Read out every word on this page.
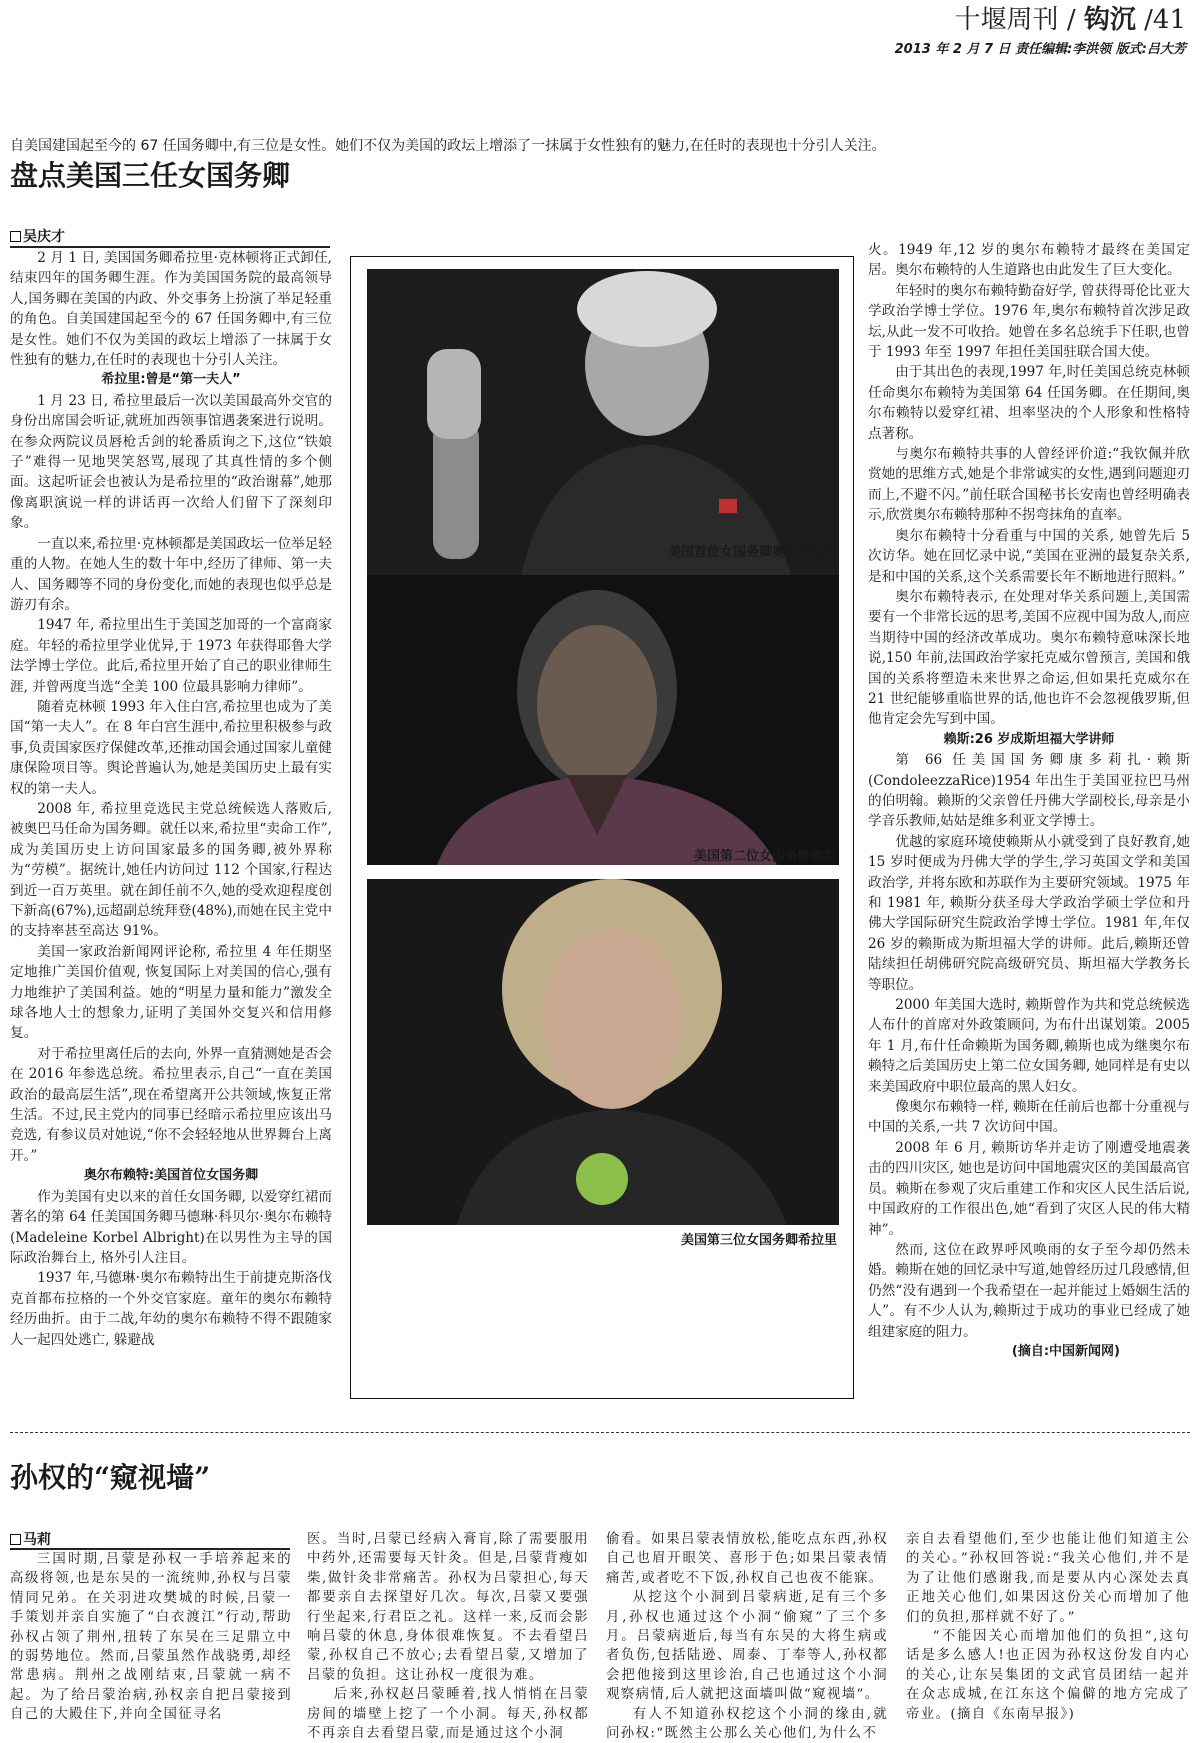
十堰周刊 / 钩沉 /41
2013 年 2 月 7 日 责任编辑:李洪领 版式:吕大芳
自美国建国起至今的 67 任国务卿中,有三位是女性。她们不仅为美国的政坛上增添了一抹属于女性独有的魅力,在任时的表现也十分引人关注。
盘点美国三任女国务卿
吴庆才

2 月 1 日, 美国国务卿希拉里·克林顿将正式卸任,结束四年的国务卿生涯。作为美国国务院的最高领导人,国务卿在美国的内政、外交事务上扮演了举足轻重的角色。自美国建国起至今的 67 任国务卿中,有三位是女性。她们不仅为美国的政坛上增添了一抹属于女性独有的魅力,在任时的表现也十分引人关注。

希拉里:曾是“第一夫人”

1 月 23 日, 希拉里最后一次以美国最高外交官的身份出席国会听证,就班加西领事馆遇袭案进行说明。在参众两院议员唇枪舌剑的轮番质询之下,这位“铁娘子”难得一见地哭笑怒骂,展现了其真性情的多个侧面。这起听证会也被认为是希拉里的“政治谢幕”,她那像离职演说一样的讲话再一次给人们留下了深刻印象。

一直以来,希拉里·克林顿都是美国政坛一位举足轻重的人物。在她人生的数十年中,经历了律师、第一夫人、国务卿等不同的身份变化,而她的表现也似乎总是游刃有余。

1947 年, 希拉里出生于美国芝加哥的一个富商家庭。年轻的希拉里学业优异,于 1973 年获得耶鲁大学法学博士学位。此后,希拉里开始了自己的职业律师生涯, 并曾两度当选“全美 100 位最具影响力律师”。

随着克林顿 1993 年入住白宫,希拉里也成为了美国“第一夫人”。在 8 年白宫生涯中,希拉里积极参与政事,负责国家医疗保健改革,还推动国会通过国家儿童健康保险项目等。舆论普遍认为,她是美国历史上最有实权的第一夫人。

2008 年, 希拉里竞选民主党总统候选人落败后,被奥巴马任命为国务卿。就任以来,希拉里“卖命工作”,成为美国历史上访问国家最多的国务卿,被外界称为“劳模”。据统计,她任内访问过 112 个国家,行程达到近一百万英里。就在卸任前不久,她的受欢迎程度创下新高(67%),远超副总统拜登(48%),而她在民主党中的支持率甚至高达 91%。

美国一家政治新闻网评论称, 希拉里 4 年任期坚定地推广美国价值观, 恢复国际上对美国的信心,强有力地维护了美国利益。她的“明星力量和能力”激发全球各地人士的想象力,证明了美国外交复兴和信用修复。

对于希拉里离任后的去向, 外界一直猜测她是否会在 2016 年参选总统。希拉里表示,自己“一直在美国政治的最高层生活”,现在希望离开公共领域,恢复正常生活。不过,民主党内的同事已经暗示希拉里应该出马竞选, 有参议员对她说,“你不会轻轻地从世界舞台上离开。”

奥尔布赖特:美国首位女国务卿

作为美国有史以来的首任女国务卿, 以爱穿红裙而著名的第 64 任美国国务卿马德琳·科贝尔·奥尔布赖特 (Madeleine Korbel Albright)在以男性为主导的国际政治舞台上, 格外引人注目。

1937 年,马德琳·奥尔布赖特出生于前捷克斯洛伐克首都布拉格的一个外交官家庭。童年的奥尔布赖特经历曲折。由于二战,年幼的奥尔布赖特不得不跟随家人一起四处逃亡, 躲避战

美国首位女国务卿奥尔布赖特
美国第二位女国务卿赖斯
美国第三位女国务卿希拉里

火。1949 年,12 岁的奥尔布赖特才最终在美国定居。奥尔布赖特的人生道路也由此发生了巨大变化。

年轻时的奥尔布赖特勤奋好学, 曾获得哥伦比亚大学政治学博士学位。1976 年,奥尔布赖特首次涉足政坛,从此一发不可收拾。她曾在多名总统手下任职,也曾于 1993 年至 1997 年担任美国驻联合国大使。

由于其出色的表现,1997 年,时任美国总统克林顿任命奥尔布赖特为美国第 64 任国务卿。在任期间,奥尔布赖特以爱穿红裙、坦率坚决的个人形象和性格特点著称。

与奥尔布赖特共事的人曾经评价道:“我钦佩并欣赏她的思维方式,她是个非常诚实的女性,遇到问题迎刃而上,不避不闪。”前任联合国秘书长安南也曾经明确表示,欣赏奥尔布赖特那种不拐弯抹角的直率。

奥尔布赖特十分看重与中国的关系, 她曾先后 5 次访华。她在回忆录中说,“美国在亚洲的最复杂关系,是和中国的关系,这个关系需要长年不断地进行照料。”

奥尔布赖特表示, 在处理对华关系问题上,美国需要有一个非常长远的思考,美国不应视中国为敌人,而应当期待中国的经济改革成功。奥尔布赖特意味深长地说,150 年前,法国政治学家托克威尔曾预言, 美国和俄国的关系将塑造未来世界之命运,但如果托克威尔在 21 世纪能够重临世界的话,他也许不会忽视俄罗斯,但他肯定会先写到中国。

赖斯:26 岁成斯坦福大学讲师

第 66 任美国国务卿康多莉扎·赖斯 (CondoleezzaRice)1954 年出生于美国亚拉巴马州的伯明翰。赖斯的父亲曾任丹佛大学副校长,母亲是小学音乐教师,姑姑是维多利亚文学博士。

优越的家庭环境使赖斯从小就受到了良好教育,她 15 岁时便成为丹佛大学的学生,学习英国文学和美国政治学, 并将东欧和苏联作为主要研究领域。1975 年和 1981 年, 赖斯分获圣母大学政治学硕士学位和丹佛大学国际研究生院政治学博士学位。1981 年,年仅 26 岁的赖斯成为斯坦福大学的讲师。此后,赖斯还曾陆续担任胡佛研究院高级研究员、斯坦福大学教务长等职位。

2000 年美国大选时, 赖斯曾作为共和党总统候选人布什的首席对外政策顾问, 为布什出谋划策。2005 年 1 月,布什任命赖斯为国务卿,赖斯也成为继奥尔布赖特之后美国历史上第二位女国务卿, 她同样是有史以来美国政府中职位最高的黑人妇女。

像奥尔布赖特一样, 赖斯在任前后也都十分重视与中国的关系,一共 7 次访问中国。

2008 年 6 月, 赖斯访华并走访了刚遭受地震袭击的四川灾区, 她也是访问中国地震灾区的美国最高官员。赖斯在参观了灾后重建工作和灾区人民生活后说,中国政府的工作很出色,她“看到了灾区人民的伟大精神”。

然而, 这位在政界呼风唤雨的女子至今却仍然未婚。赖斯在她的回忆录中写道,她曾经历过几段感情,但仍然“没有遇到一个我希望在一起并能过上婚姻生活的人”。有不少人认为,赖斯过于成功的事业已经成了她组建家庭的阻力。

(摘自:中国新闻网)

孙权的“窥视墙”
马莉

三国时期,吕蒙是孙权一手培养起来的高级将领,也是东吴的一流统帅,孙权与吕蒙情同兄弟。在关羽进攻樊城的时候,吕蒙一手策划并亲自实施了“白衣渡江”行动,帮助孙权占领了荆州,扭转了东吴在三足鼎立中的弱势地位。然而,吕蒙虽然作战骁勇,却经常患病。荆州之战刚结束,吕蒙就一病不起。为了给吕蒙治病,孙权亲自把吕蒙接到自己的大殿住下,并向全国征寻名

医。当时,吕蒙已经病入膏肓,除了需要服用中药外,还需要每天针灸。但是,吕蒙背瘦如柴,做针灸非常痛苦。孙权为吕蒙担心,每天都要亲自去探望好几次。每次,吕蒙又要强行坐起来,行君臣之礼。这样一来,反而会影响吕蒙的休息,身体很难恢复。不去看望吕蒙,孙权自己不放心;去看望吕蒙,又增加了吕蒙的负担。这让孙权一度很为难。

后来,孙权赵吕蒙睡着,找人悄悄在吕蒙房间的墙壁上挖了一个小洞。每天,孙权都不再亲自去看望吕蒙,而是通过这个小洞

偷看。如果吕蒙表情放松,能吃点东西,孙权自己也眉开眼笑、喜形于色;如果吕蒙表情痛苦,或者吃不下饭,孙权自己也夜不能寐。

从挖这个小洞到吕蒙病逝,足有三个多月,孙权也通过这个小洞“偷窥”了三个多月。吕蒙病逝后,每当有东吴的大将生病或者负伤,包括陆逊、周泰、丁奉等人,孙权都会把他接到这里诊治,自己也通过这个小洞观察病情,后人就把这面墙叫做“窥视墙”。

有人不知道孙权挖这个小洞的缘由,就问孙权:“既然主公那么关心他们,为什么不

亲自去看望他们,至少也能让他们知道主公的关心。”孙权回答说:“我关心他们,并不是为了让他们感谢我,而是要从内心深处去真正地关心他们,如果因这份关心而增加了他们的负担,那样就不好了。”

“不能因关心而增加他们的负担”,这句话是多么感人!也正因为孙权这份发自内心的关心,让东吴集团的文武官员团结一起并在众志成城,在江东这个偏僻的地方完成了帝业。(摘自《东南早报》)
